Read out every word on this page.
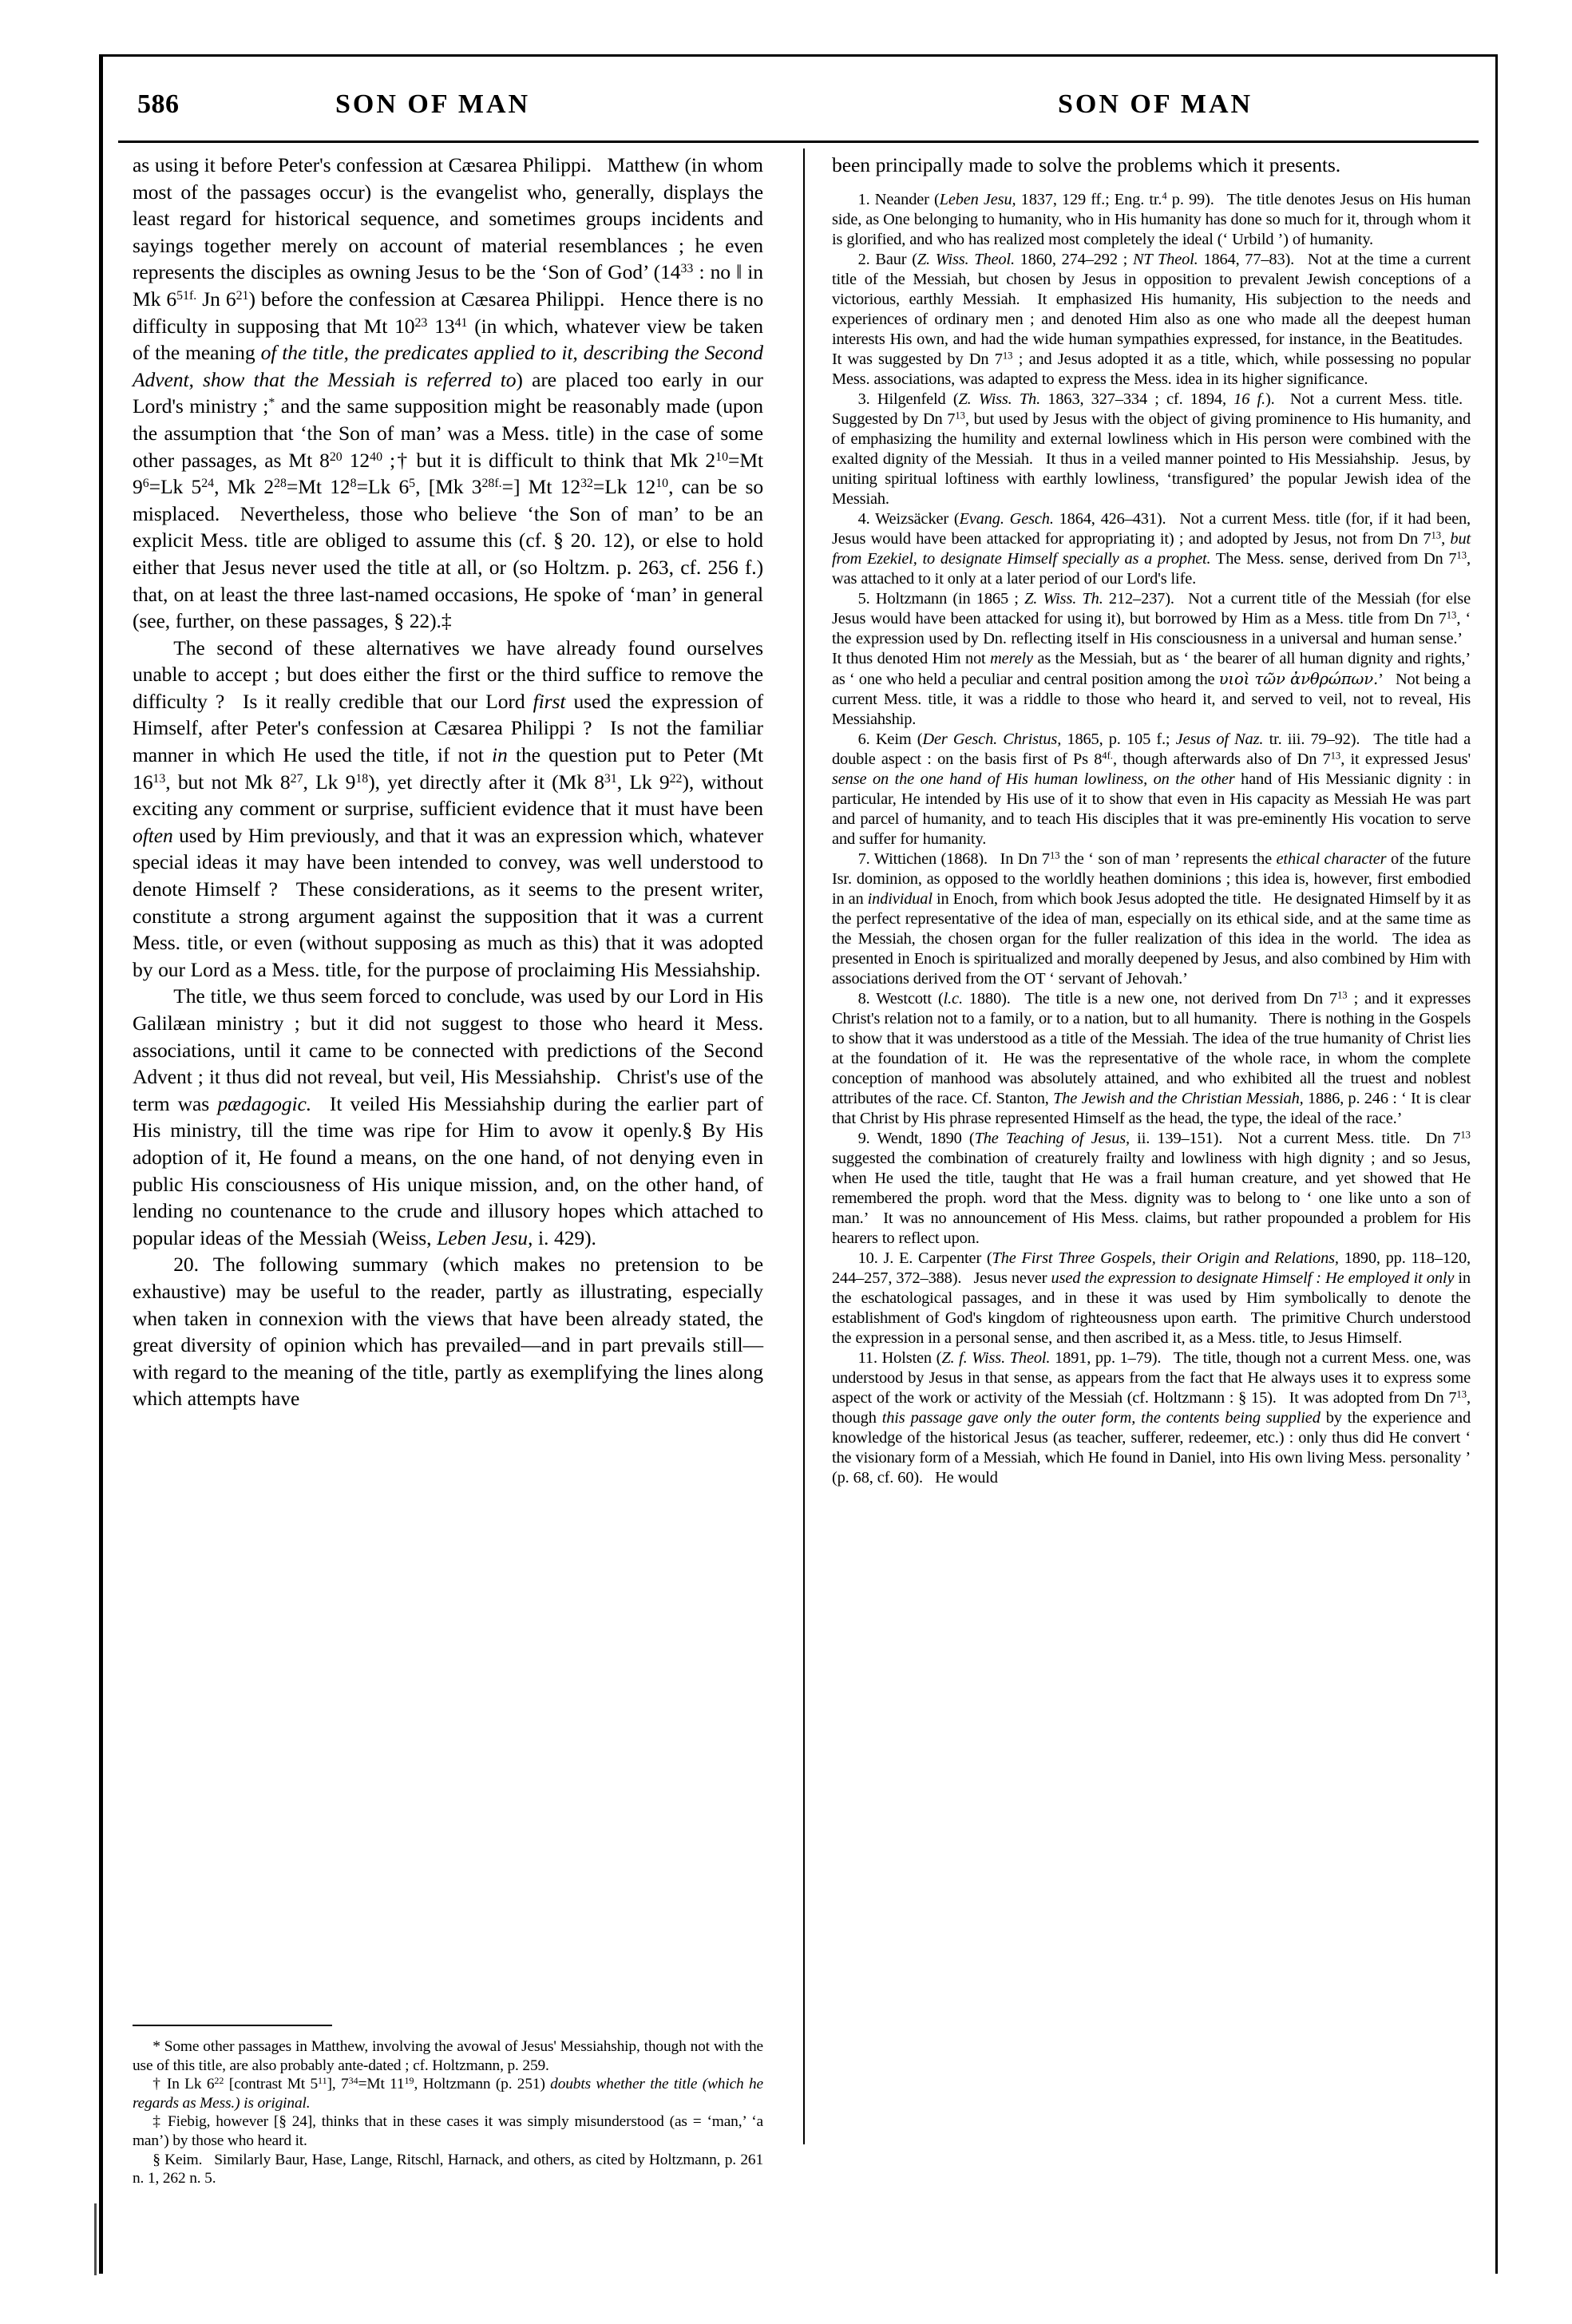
586	SON OF MAN	SON OF MAN

as using it before Peter's confession at Cæsarea Philippi.  Matthew (in whom most of the passages occur) is the evangelist who, generally, displays the least regard for historical sequence, and sometimes groups incidents and sayings together merely on account of material resemblances ; he even represents the disciples as owning Jesus to be the ‘Son of God’ ($14^{33}$ : no ‖ in Mk $6^{51f.}$ Jn $6^{21}$) before the confession at Cæsarea Philippi.  Hence there is no difficulty in supposing that Mt $10^{23}$ $13^{41}$ (in which, whatever view be taken of the meaning of the title, the predicates applied to it, describing the Second Advent, show that the Messiah is referred to) are placed too early in our Lord's ministry ;* and the same supposition might be reasonably made (upon the assumption that ‘the Son of man’ was a Mess. title) in the case of some other passages, as Mt $8^{20}$ $12^{40}$ ;† but it is difficult to think that Mk $2^{10}=Mt$ $9^6=Lk$ $5^{24}$, Mk $2^{28}=Mt$ $12^8=Lk$ $6^5$, [Mk $3^{28f.}=$] Mt $12^{32}=Lk$ $12^{10}$, can be so misplaced.  Nevertheless, those who believe ‘the Son of man’ to be an explicit Mess. title are obliged to assume this (cf. § 20. 12), or else to hold either that Jesus never used the title at all, or (so Holtzm. p. 263, cf. 256 f.) that, on at least the three last-named occasions, He spoke of ‘man’ in general (see, further, on these passages, § 22).‡

The second of these alternatives we have already found ourselves unable to accept ; but does either the first or the third suffice to remove the difficulty ?  Is it really credible that our Lord first used the expression of Himself, after Peter's confession at Cæsarea Philippi ?  Is not the familiar manner in which He used the title, if not in the question put to Peter (Mt $16^{13}$, but not Mk $8^{27}$, Lk $9^{18}$), yet directly after it (Mk $8^{31}$, Lk $9^{22}$), without exciting any comment or surprise, sufficient evidence that it must have been often used by Him previously, and that it was an expression which, whatever special ideas it may have been intended to convey, was well understood to denote Himself ?  These considerations, as it seems to the present writer, constitute a strong argument against the supposition that it was a current Mess. title, or even (without supposing as much as this) that it was adopted by our Lord as a Mess. title, for the purpose of proclaiming His Messiahship.

The title, we thus seem forced to conclude, was used by our Lord in His Galilæan ministry ; but it did not suggest to those who heard it Mess. associations, until it came to be connected with predictions of the Second Advent ; it thus did not reveal, but veil, His Messiahship.  Christ's use of the term was pædagogic.  It veiled His Messiahship during the earlier part of His ministry, till the time was ripe for Him to avow it openly.§ By His adoption of it, He found a means, on the one hand, of not denying even in public His consciousness of His unique mission, and, on the other hand, of lending no countenance to the crude and illusory hopes which attached to popular ideas of the Messiah (Weiss, Leben Jesu, i. 429).

20. The following summary (which makes no pretension to be exhaustive) may be useful to the reader, partly as illustrating, especially when taken in connexion with the views that have been already stated, the great diversity of opinion which has prevailed—and in part prevails still—with regard to the meaning of the title, partly as exemplifying the lines along which attempts have

* Some other passages in Matthew, involving the avowal of Jesus' Messiahship, though not with the use of this title, are also probably ante-dated ; cf. Holtzmann, p. 259.

† In Lk $6^{22}$ [contrast Mt $5^{11}$], $7^{34}=Mt$ $11^{19}$, Holtzmann (p. 251) doubts whether the title (which he regards as Mess.) is original.

‡ Fiebig, however [§ 24], thinks that in these cases it was simply misunderstood (as = ‘man,’ ‘a man’) by those who heard it.

§ Keim.  Similarly Baur, Hase, Lange, Ritschl, Harnack, and others, as cited by Holtzmann, p. 261 n. 1, 262 n. 5.

been principally made to solve the problems which it presents.

1. Neander (Leben Jesu, 1837, 129 ff.; Eng. tr.$^4$ p. 99).  The title denotes Jesus on His human side, as One belonging to humanity, who in His humanity has done so much for it, through whom it is glorified, and who has realized most completely the ideal (‘ Urbild ’) of humanity.

2. Baur (Z. Wiss. Theol. 1860, 274–292 ; NT Theol. 1864, 77–83).  Not at the time a current title of the Messiah, but chosen by Jesus in opposition to prevalent Jewish conceptions of a victorious, earthly Messiah.  It emphasized His humanity, His subjection to the needs and experiences of ordinary men ; and denoted Him also as one who made all the deepest human interests His own, and had the wide human sympathies expressed, for instance, in the Beatitudes.  It was suggested by Dn $7^{13}$ ; and Jesus adopted it as a title, which, while possessing no popular Mess. associations, was adapted to express the Mess. idea in its higher significance.

3. Hilgenfeld (Z. Wiss. Th. 1863, 327–334 ; cf. 1894, 16 f.).  Not a current Mess. title.  Suggested by Dn $7^{13}$, but used by Jesus with the object of giving prominence to His humanity, and of emphasizing the humility and external lowliness which in His person were combined with the exalted dignity of the Messiah.  It thus in a veiled manner pointed to His Messiahship.  Jesus, by uniting spiritual loftiness with earthly lowliness, ‘transfigured’ the popular Jewish idea of the Messiah.

4. Weizsäcker (Evang. Gesch. 1864, 426–431).  Not a current Mess. title (for, if it had been, Jesus would have been attacked for appropriating it) ; and adopted by Jesus, not from Dn $7^{13}$, but from Ezekiel, to designate Himself specially as a prophet. The Mess. sense, derived from Dn $7^{13}$, was attached to it only at a later period of our Lord's life.

5. Holtzmann (in 1865 ; Z. Wiss. Th. 212–237).  Not a current title of the Messiah (for else Jesus would have been attacked for using it), but borrowed by Him as a Mess. title from Dn $7^{13}$, ‘ the expression used by Dn. reflecting itself in His consciousness in a universal and human sense.’  It thus denoted Him not merely as the Messiah, but as ‘ the bearer of all human dignity and rights,’ as ‘ one who held a peculiar and central position among the υιοὶ τῶν ἀνθρώπων.’  Not being a current Mess. title, it was a riddle to those who heard it, and served to veil, not to reveal, His Messiahship.

6. Keim (Der Gesch. Christus, 1865, p. 105 f.; Jesus of Naz. tr. iii. 79–92).  The title had a double aspect : on the basis first of Ps $8^{4f.}$, though afterwards also of Dn $7^{13}$, it expressed Jesus' sense on the one hand of His human lowliness, on the other hand of His Messianic dignity : in particular, He intended by His use of it to show that even in His capacity as Messiah He was part and parcel of humanity, and to teach His disciples that it was pre-eminently His vocation to serve and suffer for humanity.

7. Wittichen (1868).  In Dn $7^{13}$ the ‘ son of man ’ represents the ethical character of the future Isr. dominion, as opposed to the worldly heathen dominions ; this idea is, however, first embodied in an individual in Enoch, from which book Jesus adopted the title.  He designated Himself by it as the perfect representative of the idea of man, especially on its ethical side, and at the same time as the Messiah, the chosen organ for the fuller realization of this idea in the world.  The idea as presented in Enoch is spiritualized and morally deepened by Jesus, and also combined by Him with associations derived from the OT ‘ servant of Jehovah.’

8. Westcott (l.c. 1880).  The title is a new one, not derived from Dn $7^{13}$ ; and it expresses Christ's relation not to a family, or to a nation, but to all humanity.  There is nothing in the Gospels to show that it was understood as a title of the Messiah. The idea of the true humanity of Christ lies at the foundation of it.  He was the representative of the whole race, in whom the complete conception of manhood was absolutely attained, and who exhibited all the truest and noblest attributes of the race. Cf. Stanton, The Jewish and the Christian Messiah, 1886, p. 246 : ‘ It is clear that Christ by His phrase represented Himself as the head, the type, the ideal of the race.’

9. Wendt, 1890 (The Teaching of Jesus, ii. 139–151).  Not a current Mess. title.  Dn $7^{13}$ suggested the combination of creaturely frailty and lowliness with high dignity ; and so Jesus, when He used the title, taught that He was a frail human creature, and yet showed that He remembered the proph. word that the Mess. dignity was to belong to ‘ one like unto a son of man.’  It was no announcement of His Mess. claims, but rather propounded a problem for His hearers to reflect upon.

10. J. E. Carpenter (The First Three Gospels, their Origin and Relations, 1890, pp. 118–120, 244–257, 372–388).  Jesus never used the expression to designate Himself : He employed it only in the eschatological passages, and in these it was used by Him symbolically to denote the establishment of God's kingdom of righteousness upon earth.  The primitive Church understood the expression in a personal sense, and then ascribed it, as a Mess. title, to Jesus Himself.

11. Holsten (Z. f. Wiss. Theol. 1891, pp. 1–79).  The title, though not a current Mess. one, was understood by Jesus in that sense, as appears from the fact that He always uses it to express some aspect of the work or activity of the Messiah (cf. Holtzmann : § 15).  It was adopted from Dn $7^{13}$, though this passage gave only the outer form, the contents being supplied by the experience and knowledge of the historical Jesus (as teacher, sufferer, redeemer, etc.) : only thus did He convert ‘ the visionary form of a Messiah, which He found in Daniel, into His own living Mess. personality ’ (p. 68, cf. 60).  He would
